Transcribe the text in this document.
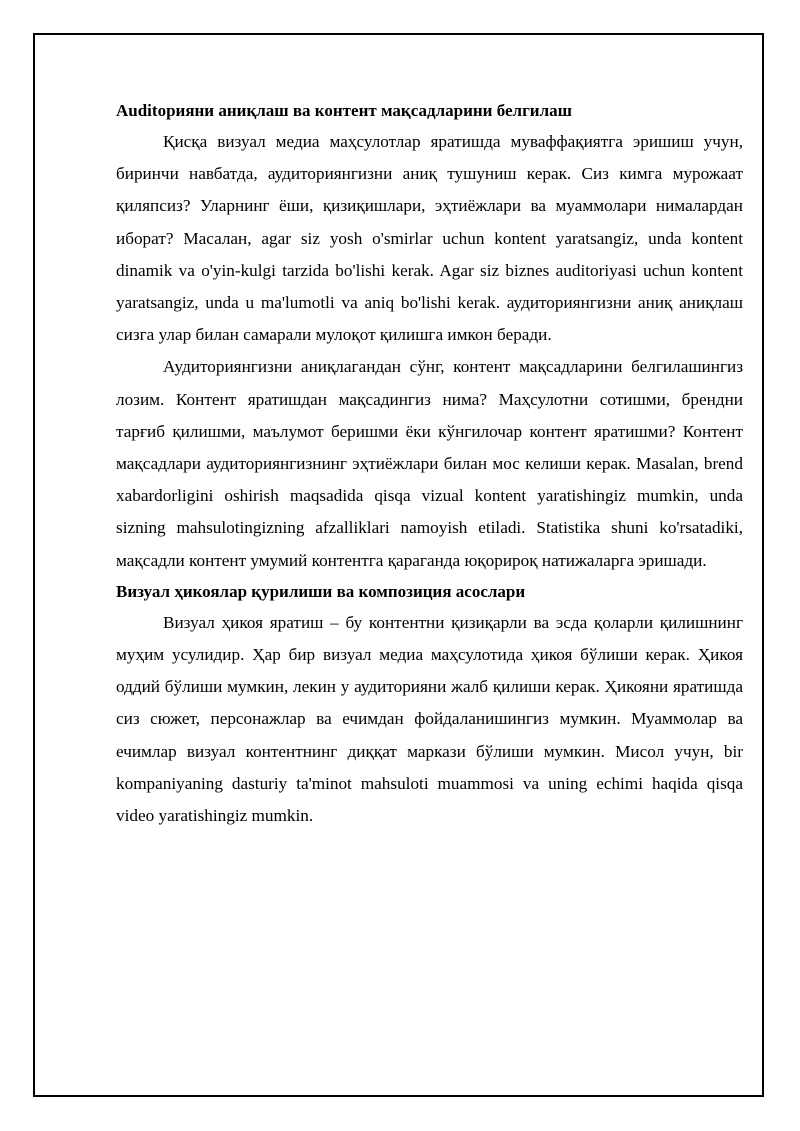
Auditорияни аниқлаш ва контент мақсадларини белгилаш

Қисқа визуал медиа маҳсулотлар яратишда муваффақиятга эришиш учун, биринчи навбатда, аудиториянгизни аниқ тушуниш керак. Сиз кимга мурожаат қиляпсиз? Уларнинг ёши, қизиқишлари, эҳтиёжлари ва муаммолари нималардан иборат? Масалан, agar siz yosh o'smirlar uchun kontent yaratsangiz, unda kontent dinamik va o'yin-kulgi tarzida bo'lishi kerak. Agar siz biznes auditoriyasi uchun kontent yaratsangiz, unda u ma'lumotli va aniq bo'lishi kerak. аудиториянгизни аниқ аниқлаш сизга улар билан самарали мулоқот қилишга имкон беради.

Аудиториянгизни аниқлагандан сўнг, контент мақсадларини белгилашингиз лозим. Контент яратишдан мақсадингиз нима? Маҳсулотни сотишми, брендни тарғиб қилишми, маълумот беришми ёки кўнгилочар контент яратишми? Контент мақсадлари аудиториянгизнинг эҳтиёжлари билан мос келиши керак. Masalan, brend xabardorligini oshirish maqsadida qisqa vizual kontent yaratishingiz mumkin, unda sizning mahsulotingizning afzalliklari namoyish etiladi. Statistika shuni ko'rsatadiki, мақсадли контент умумий контентга қараганда юқорироқ натижаларга эришади.

Визуал ҳикоялар қурилиши ва композиция асослари

Визуал ҳикоя яратиш – бу контентни қизиқарли ва эсда қоларли қилишнинг муҳим усулидир. Ҳар бир визуал медиа маҳсулотида ҳикоя бўлиши керак. Ҳикоя оддий бўлиши мумкин, лекин у аудиторияни жалб қилиши керак. Ҳикояни яратишда сиз сюжет, персонажлар ва ечимдан фойдаланишингиз мумкин. Муаммолар ва ечимлар визуал контентнинг диққат маркази бўлиши мумкин. Мисол учун, bir kompaniyaning dasturiy ta'minot mahsuloti muammosi va uning echimi haqida qisqa video yaratishingiz mumkin.
